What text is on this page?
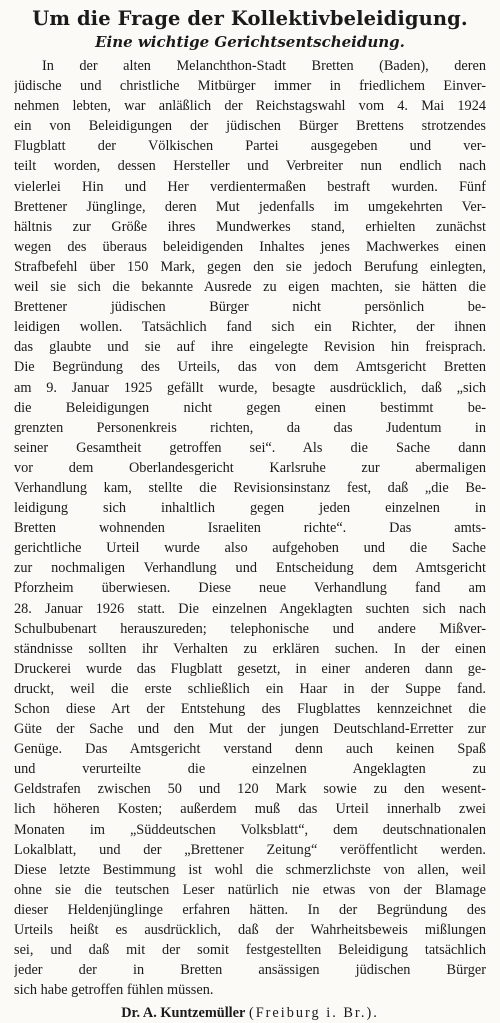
Um die Frage der Kollektivbeleidigung.
Eine wichtige Gerichtsentscheidung.
In der alten Melanchthon-Stadt Bretten (Baden), deren
jüdische und christliche Mitbürger immer in friedlichem Einver-
nehmen lebten, war anläßlich der Reichstagswahl vom 4. Mai 1924
ein von Beleidigungen der jüdischen Bürger Brettens strotzendes
Flugblatt der Völkischen Partei ausgegeben und ver-
teilt worden, dessen Hersteller und Verbreiter nun endlich nach
vielerlei Hin und Her verdientermaßen bestraft wurden. Fünf
Brettener Jünglinge, deren Mut jedenfalls im umgekehrten Ver-
hältnis zur Größe ihres Mundwerkes stand, erhielten zunächst
wegen des überaus beleidigenden Inhaltes jenes Machwerkes einen
Strafbefehl über 150 Mark, gegen den sie jedoch Berufung einlegten,
weil sie sich die bekannte Ausrede zu eigen machten, sie hätten die
Brettener jüdischen Bürger nicht persönlich be-
leidigen wollen. Tatsächlich fand sich ein Richter, der ihnen
das glaubte und sie auf ihre eingelegte Revision hin freisprach.
Die Begründung des Urteils, das von dem Amtsgericht Bretten
am 9. Januar 1925 gefällt wurde, besagte ausdrücklich, daß „sich
die Beleidigungen nicht gegen einen bestimmt be-
grenzten Personenkreis richten, da das Judentum in
seiner Gesamtheit getroffen sei“. Als die Sache dann
vor dem Oberlandesgericht Karlsruhe zur abermaligen
Verhandlung kam, stellte die Revisionsinstanz fest, daß „die Be-
leidigung sich inhaltlich gegen jeden einzelnen in
Bretten wohnenden Israeliten richte“. Das amts-
gerichtliche Urteil wurde also aufgehoben und die Sache
zur nochmaligen Verhandlung und Entscheidung dem Amtsgericht
Pforzheim überwiesen. Diese neue Verhandlung fand am
28. Januar 1926 statt. Die einzelnen Angeklagten suchten sich nach
Schulbubenart herauszureden; telephonische und andere Mißver-
ständnisse sollten ihr Verhalten zu erklären suchen. In der einen
Druckerei wurde das Flugblatt gesetzt, in einer anderen dann ge-
druckt, weil die erste schließlich ein Haar in der Suppe fand.
Schon diese Art der Entstehung des Flugblattes kennzeichnet die
Güte der Sache und den Mut der jungen Deutschland-Erretter zur
Genüge. Das Amtsgericht verstand denn auch keinen Spaß
und verurteilte die einzelnen Angeklagten zu
Geldstrafen zwischen 50 und 120 Mark sowie zu den wesent-
lich höheren Kosten; außerdem muß das Urteil innerhalb zwei
Monaten im „Süddeutschen Volksblatt“, dem deutschnationalen
Lokalblatt, und der „Brettener Zeitung“ veröffentlicht werden.
Diese letzte Bestimmung ist wohl die schmerzlichste von allen, weil
ohne sie die teutschen Leser natürlich nie etwas von der Blamage
dieser Heldenjünglinge erfahren hätten. In der Begründung des
Urteils heißt es ausdrücklich, daß der Wahrheitsbeweis mißlungen
sei, und daß mit der somit festgestellten Beleidigung tatsächlich
jeder der in Bretten ansässigen jüdischen Bürger
sich habe getroffen fühlen müssen.

Dr. A. Kuntzemüller (Freiburg i. Br.).
